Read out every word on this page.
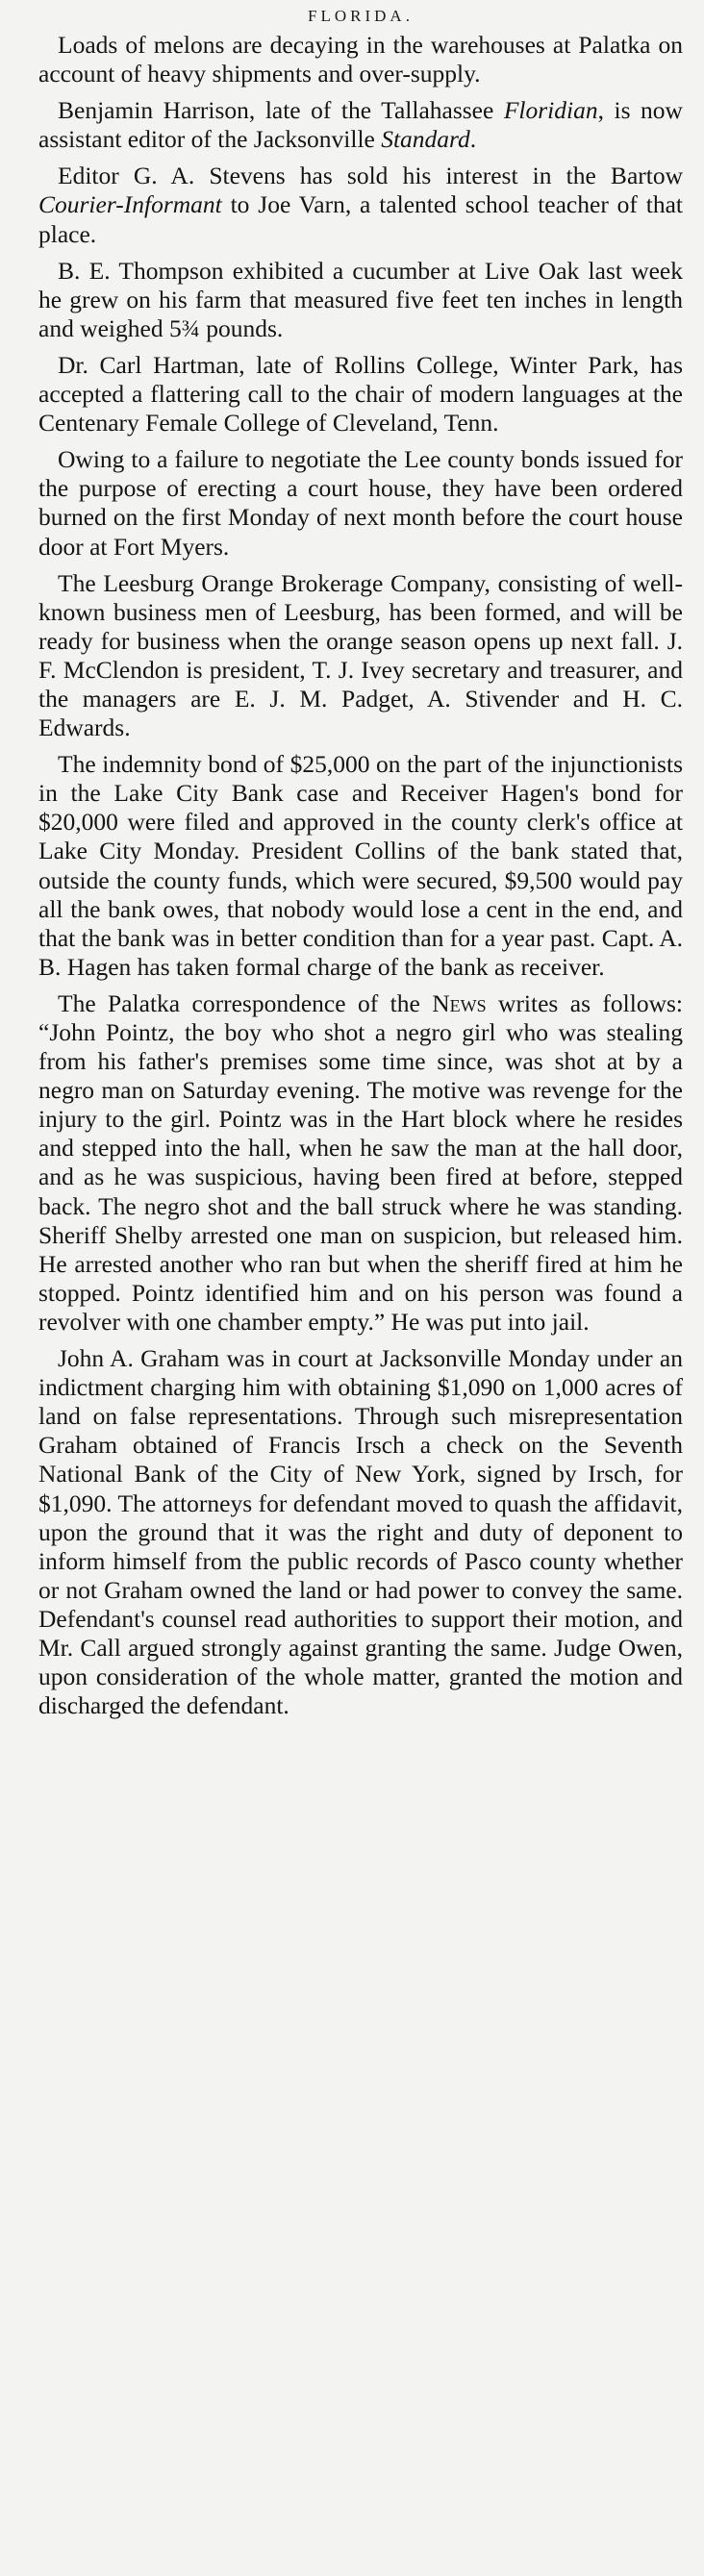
FLORIDA.

Loads of melons are decaying in the warehouses at Palatka on account of heavy shipments and over-supply.

Benjamin Harrison, late of the Tallahassee Floridian, is now assistant editor of the Jacksonville Standard.

Editor G. A. Stevens has sold his interest in the Bartow Courier-Informant to Joe Varn, a talented school teacher of that place.

B. E. Thompson exhibited a cucumber at Live Oak last week he grew on his farm that measured five feet ten inches in length and weighed 5¾ pounds.

Dr. Carl Hartman, late of Rollins College, Winter Park, has accepted a flattering call to the chair of modern languages at the Centenary Female College of Cleveland, Tenn.

Owing to a failure to negotiate the Lee county bonds issued for the purpose of erecting a court house, they have been ordered burned on the first Monday of next month before the court house door at Fort Myers.

The Leesburg Orange Brokerage Company, consisting of well-known business men of Leesburg, has been formed, and will be ready for business when the orange season opens up next fall. J. F. McClendon is president, T. J. Ivey secretary and treasurer, and the managers are E. J. M. Padget, A. Stivender and H. C. Edwards.

The indemnity bond of $25,000 on the part of the injunctionists in the Lake City Bank case and Receiver Hagen's bond for $20,000 were filed and approved in the county clerk's office at Lake City Monday. President Collins of the bank stated that, outside the county funds, which were secured, $9,500 would pay all the bank owes, that nobody would lose a cent in the end, and that the bank was in better condition than for a year past. Capt. A. B. Hagen has taken formal charge of the bank as receiver.

The Palatka correspondence of the News writes as follows: “John Pointz, the boy who shot a negro girl who was stealing from his father's premises some time since, was shot at by a negro man on Saturday evening. The motive was revenge for the injury to the girl. Pointz was in the Hart block where he resides and stepped into the hall, when he saw the man at the hall door, and as he was suspicious, having been fired at before, stepped back. The negro shot and the ball struck where he was standing. Sheriff Shelby arrested one man on suspicion, but released him. He arrested another who ran but when the sheriff fired at him he stopped. Pointz identified him and on his person was found a revolver with one chamber empty.” He was put into jail.

John A. Graham was in court at Jacksonville Monday under an indictment charging him with obtaining $1,090 on 1,000 acres of land on false representations. Through such misrepresentation Graham obtained of Francis Irsch a check on the Seventh National Bank of the City of New York, signed by Irsch, for $1,090. The attorneys for defendant moved to quash the affidavit, upon the ground that it was the right and duty of deponent to inform himself from the public records of Pasco county whether or not Graham owned the land or had power to convey the same. Defendant's counsel read authorities to support their motion, and Mr. Call argued strongly against granting the same. Judge Owen, upon consideration of the whole matter, granted the motion and discharged the defendant.
